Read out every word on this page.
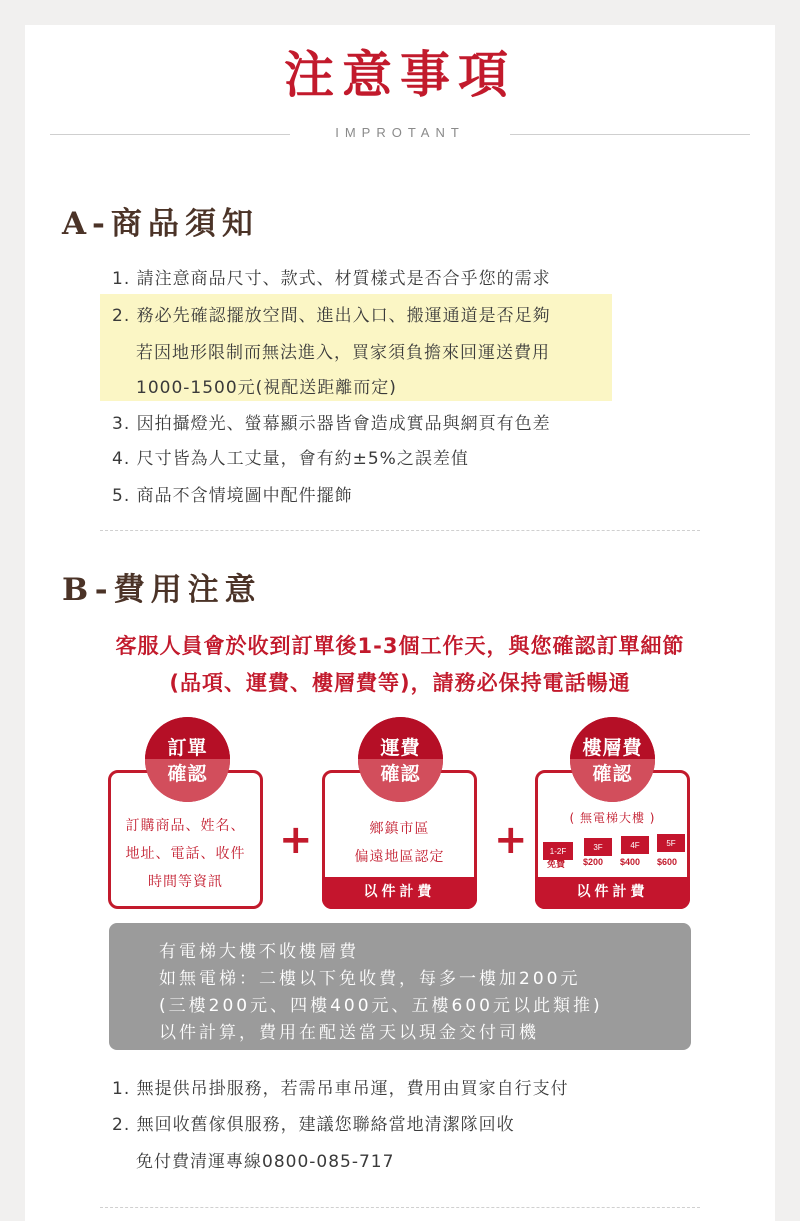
注意事項
IMPROTANT
A-商品須知
1. 請注意商品尺寸、款式、材質樣式是否合乎您的需求
2. 務必先確認擺放空間、進出入口、搬運通道是否足夠
若因地形限制而無法進入，買家須負擔來回運送費用
1000-1500元(視配送距離而定)
3. 因拍攝燈光、螢幕顯示器皆會造成實品與網頁有色差
4. 尺寸皆為人工丈量，會有約±5%之誤差值
5. 商品不含情境圖中配件擺飾
B-費用注意
客服人員會於收到訂單後1-3個工作天，與您確認訂單細節
(品項、運費、樓層費等)，請務必保持電話暢通
訂購商品、姓名、
地址、電話、收件
時間等資訊
訂單
確認
+	鄉鎮市區
偏遠地區認定
以件計費
運費
確認
+	( 無電梯大樓 )
以件計費
樓層費
確認
1-2F	3F	4F	5F
免費 $200 $400 $600
有電梯大樓不收樓層費
如無電梯：二樓以下免收費，每多一樓加200元
(三樓200元、四樓400元、五樓600元以此類推)
以件計算，費用在配送當天以現金交付司機
1. 無提供吊掛服務，若需吊車吊運，費用由買家自行支付
2. 無回收舊傢俱服務，建議您聯絡當地清潔隊回收
免付費清運專線0800-085-717
